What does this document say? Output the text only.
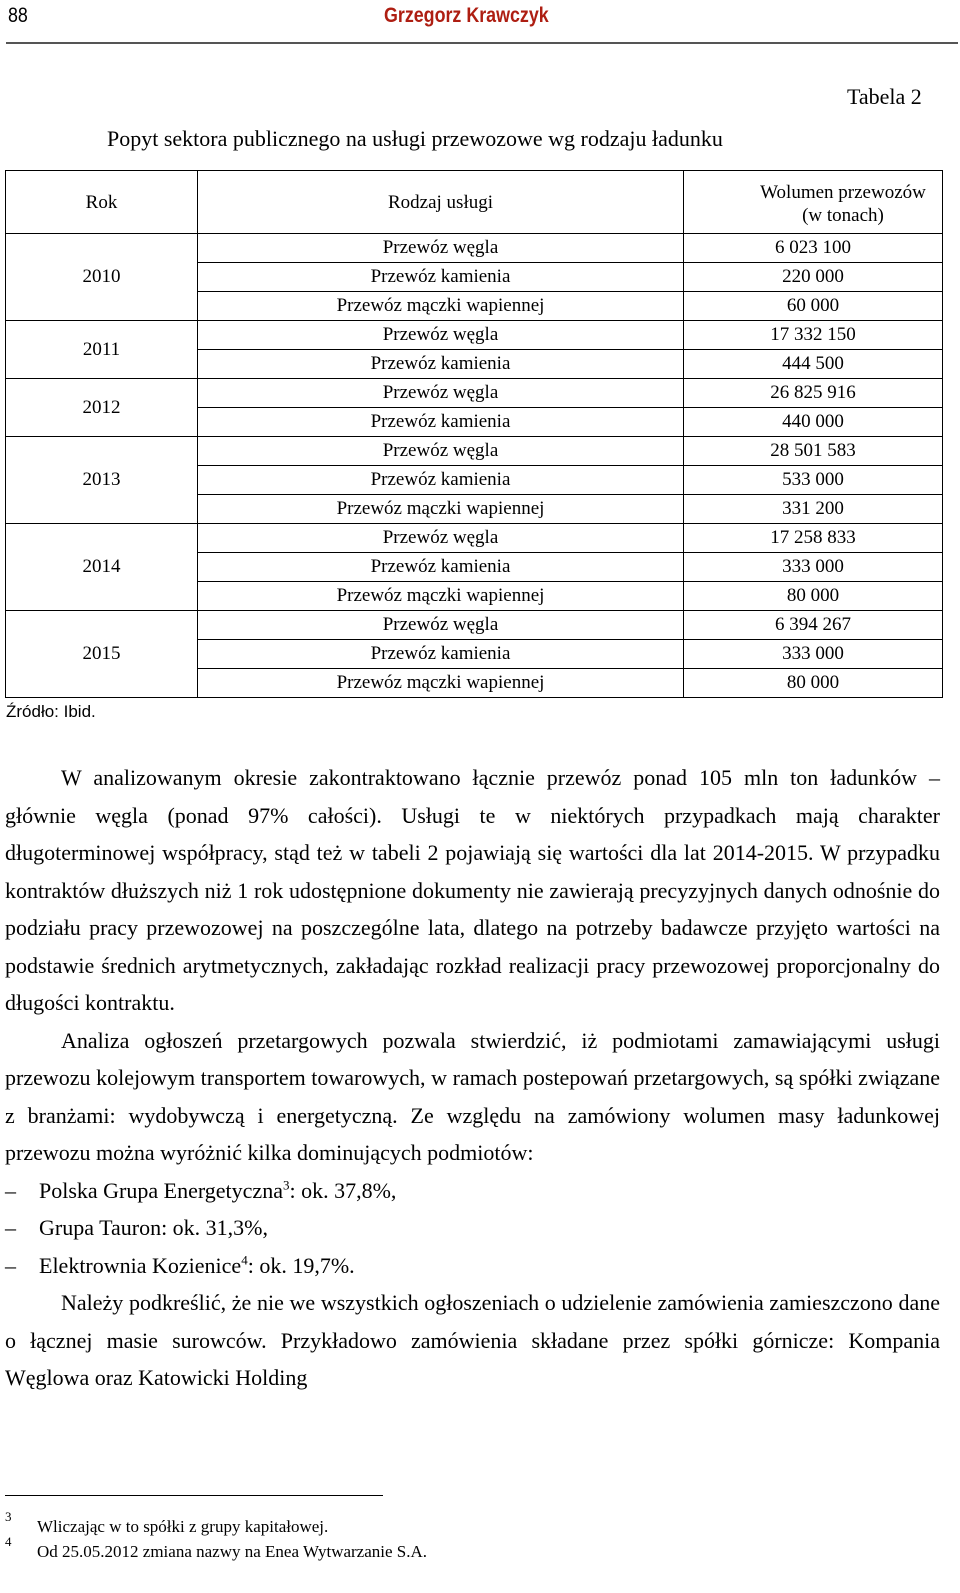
88	Grzegorz Krawczyk
Tabela 2
Popyt sektora publicznego na usługi przewozowe wg rodzaju ładunku
Rok	Rodzaj usługi	Wolumen przewozów
(w tonach)
2010	Przewóz węgla	6 023 100
	Przewóz kamienia	220 000
	Przewóz mączki wapiennej	60 000
2011	Przewóz węgla	17 332 150
	Przewóz kamienia	444 500
2012	Przewóz węgla	26 825 916
	Przewóz kamienia	440 000
2013	Przewóz węgla	28 501 583
	Przewóz kamienia	533 000
	Przewóz mączki wapiennej	331 200
2014	Przewóz węgla	17 258 833
	Przewóz kamienia	333 000
	Przewóz mączki wapiennej	80 000
2015	Przewóz węgla	6 394 267
	Przewóz kamienia	333 000
	Przewóz mączki wapiennej	80 000
Źródło: Ibid.

W analizowanym okresie zakontraktowano łącznie przewóz ponad 105 mln ton ładunków – głównie węgla (ponad 97% całości). Usługi te w niektórych przypadkach mają charakter długoterminowej współpracy, stąd też w tabeli 2 pojawiają się wartości dla lat 2014-2015. W przypadku kontraktów dłuższych niż 1 rok udostępnione dokumenty nie zawierają precyzyjnych danych odnośnie do podziału pracy przewozowej na poszczególne lata, dlatego na potrzeby badawcze przyjęto wartości na podstawie średnich arytmetycznych, zakładając rozkład realizacji pracy przewozowej proporcjonalny do długości kontraktu.

Analiza ogłoszeń przetargowych pozwala stwierdzić, iż podmiotami zamawiającymi usługi przewozu kolejowym transportem towarowych, w ramach postepowań przetargowych, są spółki związane z branżami: wydobywczą i energetyczną. Ze względu na zamówiony wolumen masy ładunkowej przewozu można wyróżnić kilka dominujących podmiotów:

–	Polska Grupa Energetyczna$^3$: ok. 37,8%,
–	Grupa Tauron: ok. 31,3%,
–	Elektrownia Kozienice$^4$: ok. 19,7%.

Należy podkreślić, że nie we wszystkich ogłoszeniach o udzielenie zamówienia zamieszczono dane o łącznej masie surowców. Przykładowo zamówienia składane przez spółki górnicze: Kompania Węglowa oraz Katowicki Holding

3
Wliczając w to spółki z grupy kapitałowej.
4
Od 25.05.2012 zmiana nazwy na Enea Wytwarzanie S.A.
